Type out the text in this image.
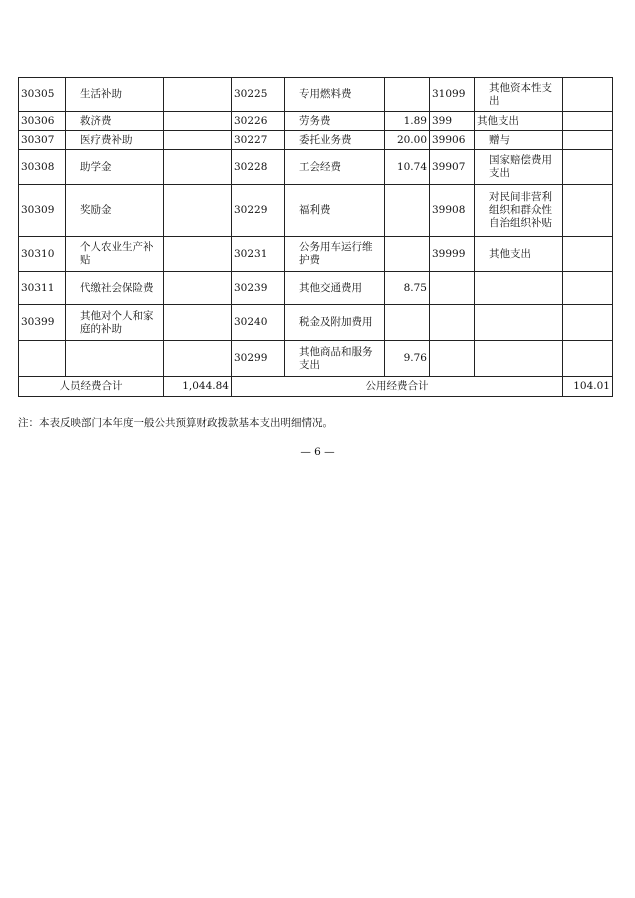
30305	生活补助		30225	专用燃料费		31099	其他资本性支出	
30306	救济费		30226	劳务费	1.89	399	其他支出	
30307	医疗费补助		30227	委托业务费	20.00	39906	赠与	
30308	助学金		30228	工会经费	10.74	39907	国家赔偿费用支出	
30309	奖励金		30229	福利费		39908	对民间非营利组织和群众性自治组织补贴	
30310	个人农业生产补贴		30231	公务用车运行维护费		39999	其他支出	
30311	代缴社会保险费		30239	其他交通费用	8.75			
30399	其他对个人和家庭的补助		30240	税金及附加费用				
			30299	其他商品和服务支出	9.76			
人员经费合计		1,044.84	公用经费合计					104.01
注：本表反映部门本年度一般公共预算财政拨款基本支出明细情况。
— 6 —
